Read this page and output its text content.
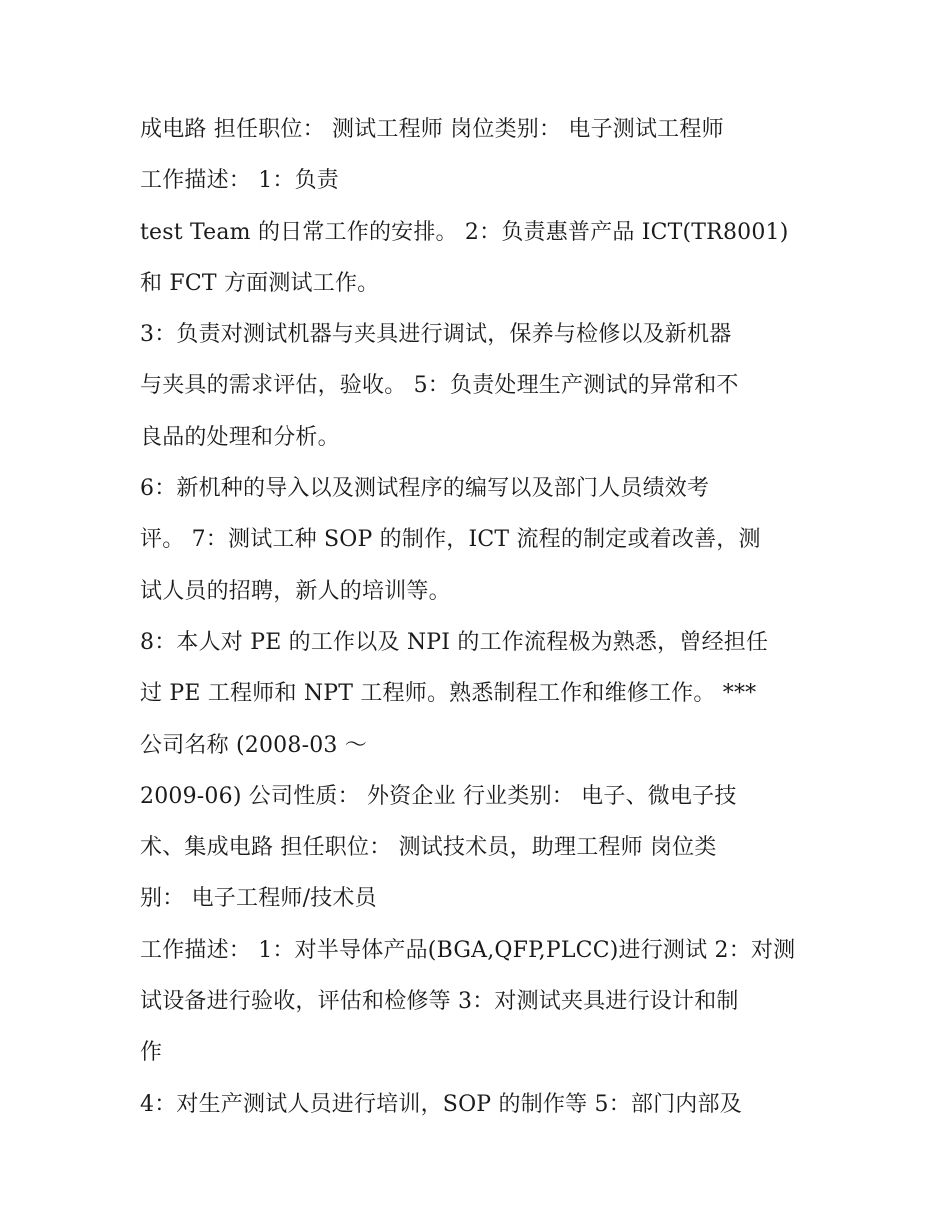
成电路 担任职位： 测试工程师 岗位类别： 电子测试工程师
工作描述： 1：负责
test Team 的日常工作的安排。 2：负责惠普产品 ICT(TR8001)
和 FCT 方面测试工作。
3：负责对测试机器与夹具进行调试，保养与检修以及新机器
与夹具的需求评估，验收。 5：负责处理生产测试的异常和不
良品的处理和分析。
6：新机种的导入以及测试程序的编写以及部门人员绩效考
评。 7：测试工种 SOP 的制作，ICT 流程的制定或着改善，测
试人员的招聘，新人的培训等。
8：本人对 PE 的工作以及 NPI 的工作流程极为熟悉，曾经担任
过 PE 工程师和 NPT 工程师。熟悉制程工作和维修工作。 ***
公司名称 (2008-03 ～
2009-06) 公司性质： 外资企业 行业类别： 电子、微电子技
术、集成电路 担任职位： 测试技术员，助理工程师 岗位类
别： 电子工程师/技术员
工作描述： 1：对半导体产品(BGA,QFP,PLCC)进行测试 2：对测
试设备进行验收，评估和检修等 3：对测试夹具进行设计和制
作
4：对生产测试人员进行培训，SOP 的制作等 5：部门内部及
